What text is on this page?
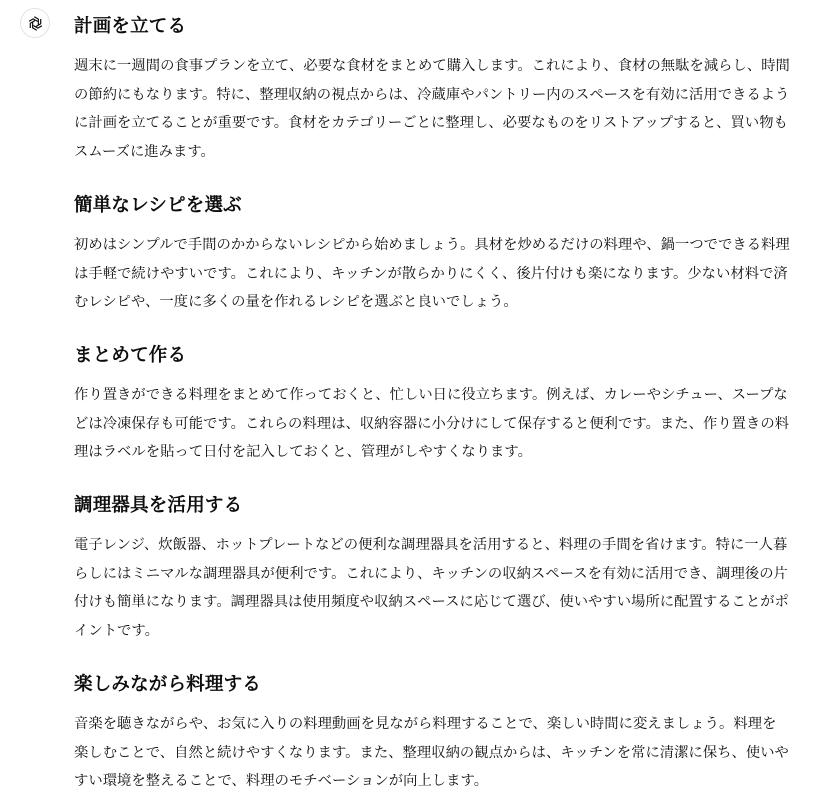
計画を立てる

週末に一週間の食事プランを立て、必要な食材をまとめて購入します。これにより、食材の無駄を減らし、時間の節約にもなります。特に、整理収納の視点からは、冷蔵庫やパントリー内のスペースを有効に活用できるように計画を立てることが重要です。食材をカテゴリーごとに整理し、必要なものをリストアップすると、買い物もスムーズに進みます。

簡単なレシピを選ぶ

初めはシンプルで手間のかからないレシピから始めましょう。具材を炒めるだけの料理や、鍋一つでできる料理は手軽で続けやすいです。これにより、キッチンが散らかりにくく、後片付けも楽になります。少ない材料で済むレシピや、一度に多くの量を作れるレシピを選ぶと良いでしょう。

まとめて作る

作り置きができる料理をまとめて作っておくと、忙しい日に役立ちます。例えば、カレーやシチュー、スープなどは冷凍保存も可能です。これらの料理は、収納容器に小分けにして保存すると便利です。また、作り置きの料理はラベルを貼って日付を記入しておくと、管理がしやすくなります。

調理器具を活用する

電子レンジ、炊飯器、ホットプレートなどの便利な調理器具を活用すると、料理の手間を省けます。特に一人暮らしにはミニマルな調理器具が便利です。これにより、キッチンの収納スペースを有効に活用でき、調理後の片付けも簡単になります。調理器具は使用頻度や収納スペースに応じて選び、使いやすい場所に配置することがポイントです。

楽しみながら料理する

音楽を聴きながらや、お気に入りの料理動画を見ながら料理することで、楽しい時間に変えましょう。料理を楽しむことで、自然と続けやすくなります。また、整理収納の観点からは、キッチンを常に清潔に保ち、使いやすい環境を整えることで、料理のモチベーションが向上します。
